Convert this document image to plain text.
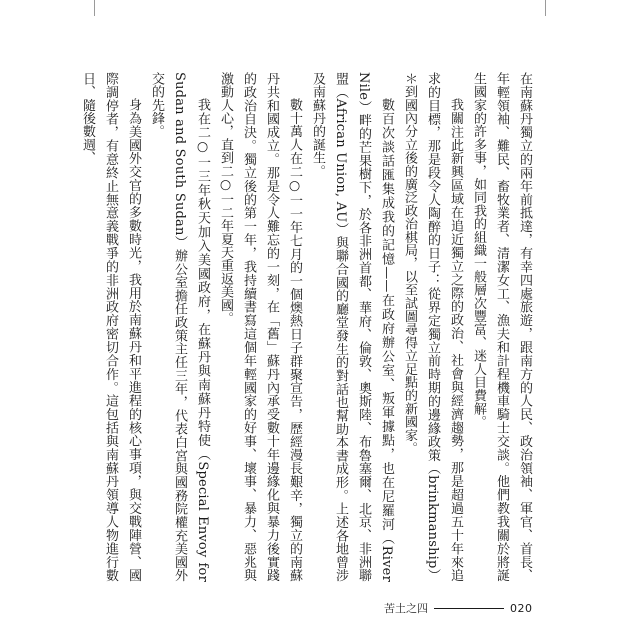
在南蘇丹獨立的兩年前抵達，有幸四處旅遊，跟南方的人民、政治領袖、軍官、首長、年輕領袖、難民、畜牧業者、清潔女工、漁夫和計程機車騎士交談。他們教我關於將誕生國家的許多事，如同我的組織一般層次豐富、迷人目費解。

我關注此新興區域在追近獨立之際的政治、社會與經濟趨勢，那是超過五十年來追求的目標，那是段令人陶醉的日子：從界定獨立前時期的邊緣政策（brinkmanship）＊到國內分立後的廣泛政治棋局，以至試圖尋得立足點的新國家。

數百次談話匯集成我的記憶——在政府辦公室、叛軍據點，也在尼羅河（River Nile）畔的芒果樹下，於各非洲首都、華府、倫敦、奧斯陸、布魯塞爾、北京、非洲聯盟（African Union, AU）與聯合國的廳堂發生的對話也幫助本書成形。上述各地曾涉及南蘇丹的誕生。

數十萬人在二○一一年七月的一個燠熱日子群聚宣告，歷經漫長艱辛，獨立的南蘇丹共和國成立。那是令人難忘的一刻，在「舊」蘇丹內承受數十年邊緣化與暴力後實踐的政治自決。獨立後的第一年，我持續書寫這個年輕國家的好事、壞事、暴力、惡兆與激動人心，直到二○一二年夏天重返美國。

我在二○一三年秋天加入美國政府，在蘇丹與南蘇丹特使（Special Envoy for Sudan and South Sudan）辦公室擔任政策主任三年，代表白宮與國務院權充美國外交的先鋒。

身為美國外交官的多數時光，我用於南蘇丹和平進程的核心事項，與交戰陣營、國際調停者，有意終止無意義戰爭的非洲政府密切合作。這包括與南蘇丹領導人物進行數日、隨後數週、

苦土之四	020
